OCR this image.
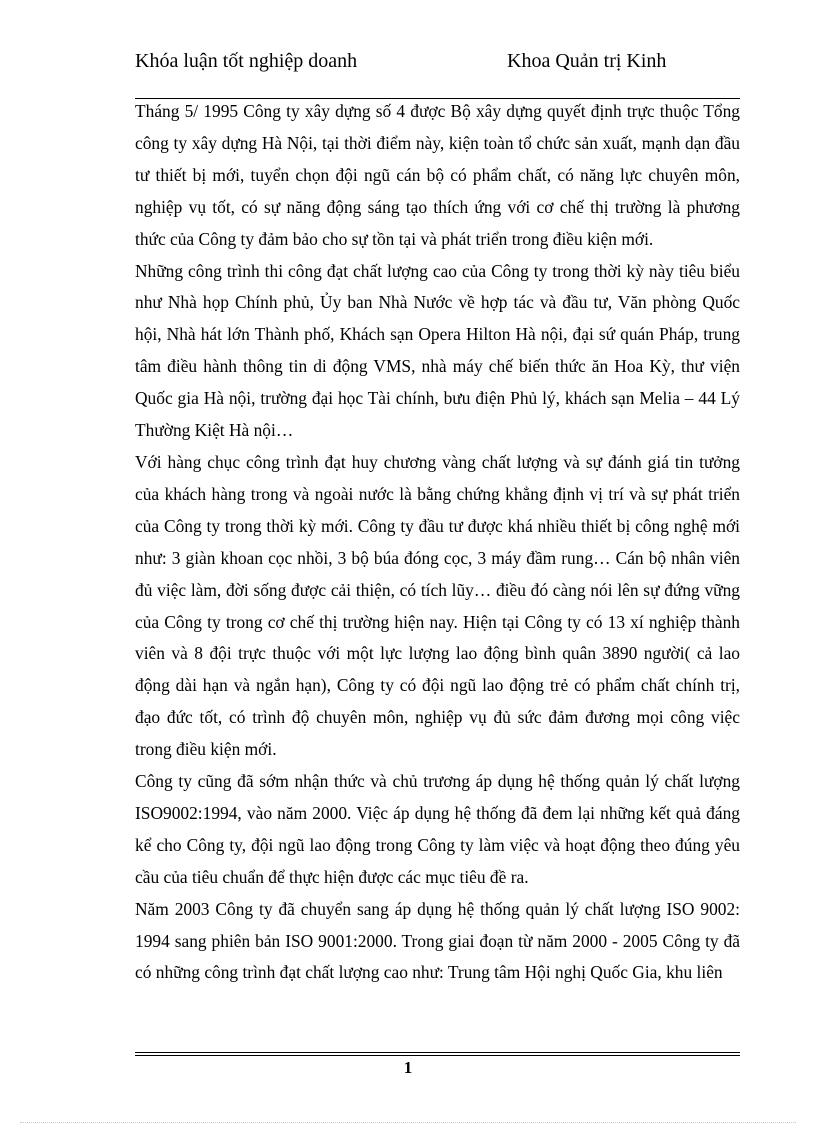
Khóa luận tốt nghiệp doanh	Khoa Quản trị Kinh

Tháng 5/ 1995 Công ty xây dựng số 4 được Bộ xây dựng quyết định trực thuộc Tổng công ty xây dựng Hà Nội, tại thời điểm này, kiện toàn tổ chức sản xuất, mạnh dạn đầu tư thiết bị mới, tuyển chọn đội ngũ cán bộ có phẩm chất, có năng lực chuyên môn, nghiệp vụ tốt, có sự năng động sáng tạo thích ứng với cơ chế thị trường là phương thức của Công ty đảm bảo cho sự tồn tại và phát triển trong điều kiện mới.

Những công trình thi công đạt chất lượng cao của Công ty trong thời kỳ này tiêu biểu như Nhà họp Chính phủ, Ủy ban Nhà Nước về hợp tác và đầu tư, Văn phòng Quốc hội, Nhà hát lớn Thành phố, Khách sạn Opera Hilton Hà nội, đại sứ quán Pháp, trung tâm điều hành thông tin di động VMS, nhà máy chế biến thức ăn Hoa Kỳ, thư viện Quốc gia Hà nội, trường đại học Tài chính, bưu điện Phủ lý, khách sạn Melia – 44 Lý Thường Kiệt Hà nội…

Với hàng chục công trình đạt huy chương vàng chất lượng và sự đánh giá tin tưởng của khách hàng trong và ngoài nước là bằng chứng khẳng định vị trí và sự phát triển của Công ty trong thời kỳ mới. Công ty đầu tư được khá nhiều thiết bị công nghệ mới như: 3 giàn khoan cọc nhồi, 3 bộ búa đóng cọc, 3 máy đầm rung… Cán bộ nhân viên đủ việc làm, đời sống được cải thiện, có tích lũy… điều đó càng nói lên sự đứng vững của Công ty trong cơ chế thị trường hiện nay. Hiện tại Công ty có 13 xí nghiệp thành viên và 8 đội trực thuộc với một lực lượng lao động bình quân 3890 người( cả lao động dài hạn và ngắn hạn), Công ty có đội ngũ lao động trẻ có phẩm chất chính trị, đạo đức tốt, có trình độ chuyên môn, nghiệp vụ đủ sức đảm đương mọi công việc trong điều kiện mới.

Công ty cũng đã sớm nhận thức và chủ trương áp dụng hệ thống quản lý chất lượng ISO9002:1994, vào năm 2000. Việc áp dụng hệ thống đã đem lại những kết quả đáng kể cho Công ty, đội ngũ lao động trong Công ty làm việc và hoạt động theo đúng yêu cầu của tiêu chuẩn để thực hiện được các mục tiêu đề ra.

Năm 2003 Công ty đã chuyển sang áp dụng hệ thống quản lý chất lượng ISO 9002: 1994 sang phiên bản ISO 9001:2000. Trong giai đoạn từ năm 2000 - 2005 Công ty đã có những công trình đạt chất lượng cao như: Trung tâm Hội nghị Quốc Gia, khu liên

1
